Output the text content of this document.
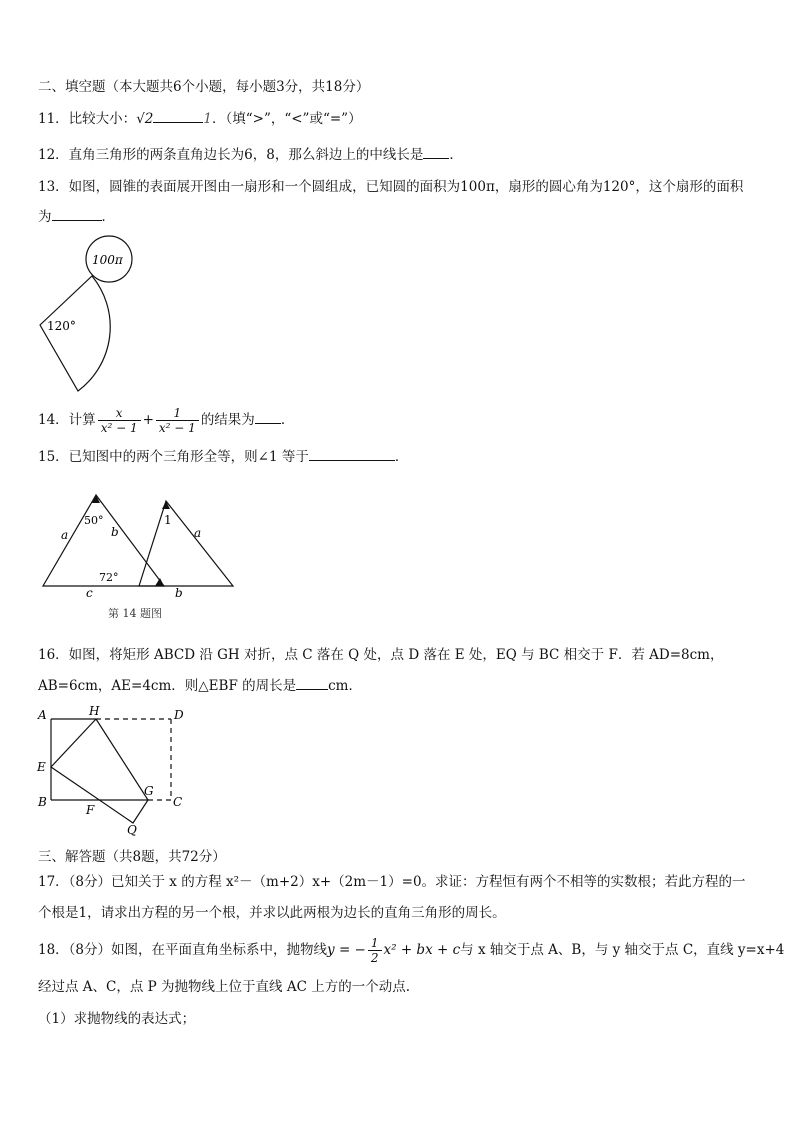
二、填空题（本大题共6个小题，每小题3分，共18分）
11．比较大小：√2	1．（填“>”，“<”或“=”）
12．直角三角形的两条直角边长为6，8，那么斜边上的中线长是 ．
13．如图，圆锥的表面展开图由一扇形和一个圆组成，已知圆的面积为100π，扇形的圆心角为120°，这个扇形的面积
为	．
100π
120°
14．计算 $\frac{x}{\text{x² − 1}} + \frac{1}{\text{x² − 1}}$ 的结果为 ．
15．已知图中的两个三角形全等，则∠1 等于	．
50°
72°
a	b
c
1
a
b
第 14 题图
16．如图，将矩形 ABCD 沿 GH 对折，点 C 落在 Q 处，点 D 落在 E 处，EQ 与 BC 相交于 F．若 AD=8cm，
AB=6cm，AE=4cm．则△EBF 的周长是 cm．
A	H	D
E
B
F
G
C
Q
三、解答题（共8题，共72分）
17．（8分）已知关于 x 的方程 x²－（m+2）x+（2m－1）=0。求证：方程恒有两个不相等的实数根；若此方程的一
个根是1，请求出方程的另一个根，并求以此两根为边长的直角三角形的周长。
18．（8分）如图，在平面直角坐标系中，抛物线y = − $\frac{1}{2} x^2$ + bx + c与 x 轴交于点 A、B，与 y 轴交于点 C，直线 y=x+4
经过点 A、C，点 P 为抛物线上位于直线 AC 上方的一个动点.
（1）求抛物线的表达式；
